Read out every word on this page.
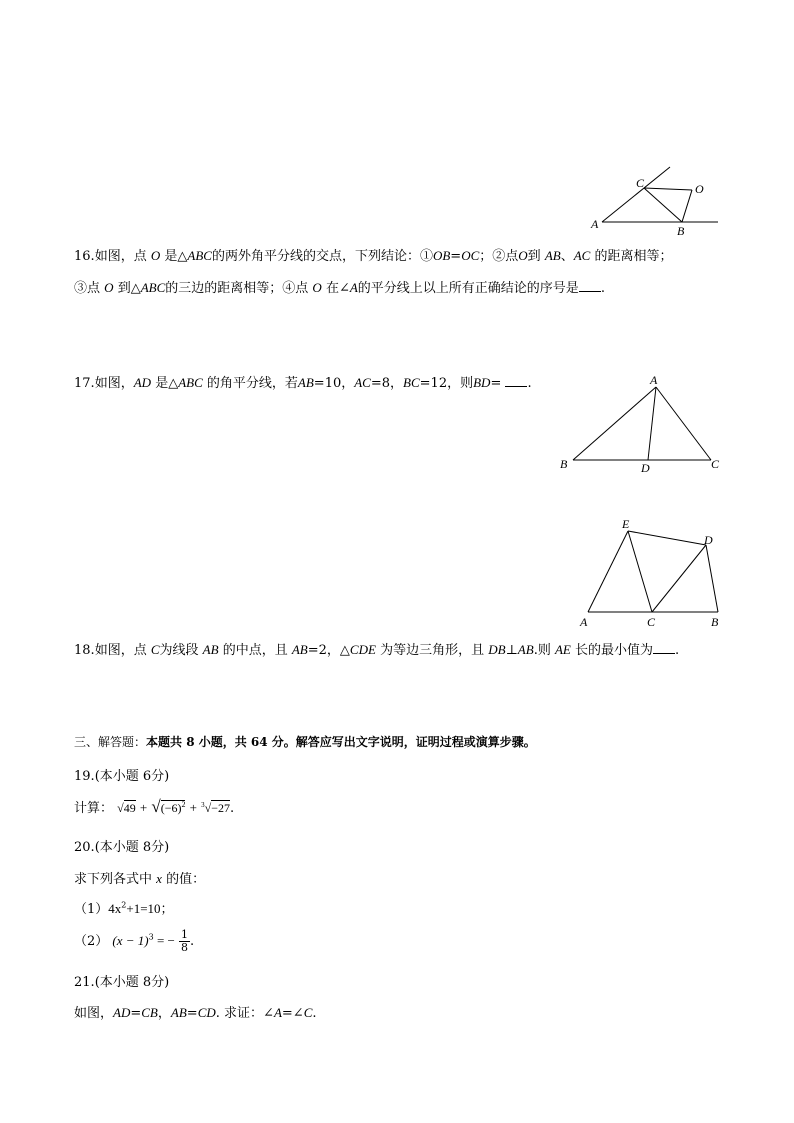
C	O
A	B
16.如图，点 O 是△ABC的两外角平分线的交点，下列结论：①OB=OC；②点O到 AB、AC 的距离相等；
③点 O 到△ABC的三边的距离相等；④点 O 在∠A的平分线上以上所有正确结论的序号是 .
17.如图，AD 是△ABC 的角平分线，若AB=10，AC=8，BC=12，则BD= .	A
B	D	C
E
D
A	C	B
18.如图，点 C为线段 AB 的中点，且 AB=2，△CDE 为等边三角形，且 DB⊥AB.则 AE 长的最小值为 .
三、解答题：本题共 8 小题，共 64 分。解答应写出文字说明，证明过程或演算步骤。
19.(本小题 6分)
计算： $√49 + √(-6)^2 + ^3√-27$.
20.(本小题 8分)
求下列各式中 x 的值：
$(1)4x^2+1=10$；
（2） $(x - 1)^3$ = − $\frac{1}{8}$ .
21.(本小题 8分)
如图，AD=CB，AB=CD. 求证：∠A=∠C.
